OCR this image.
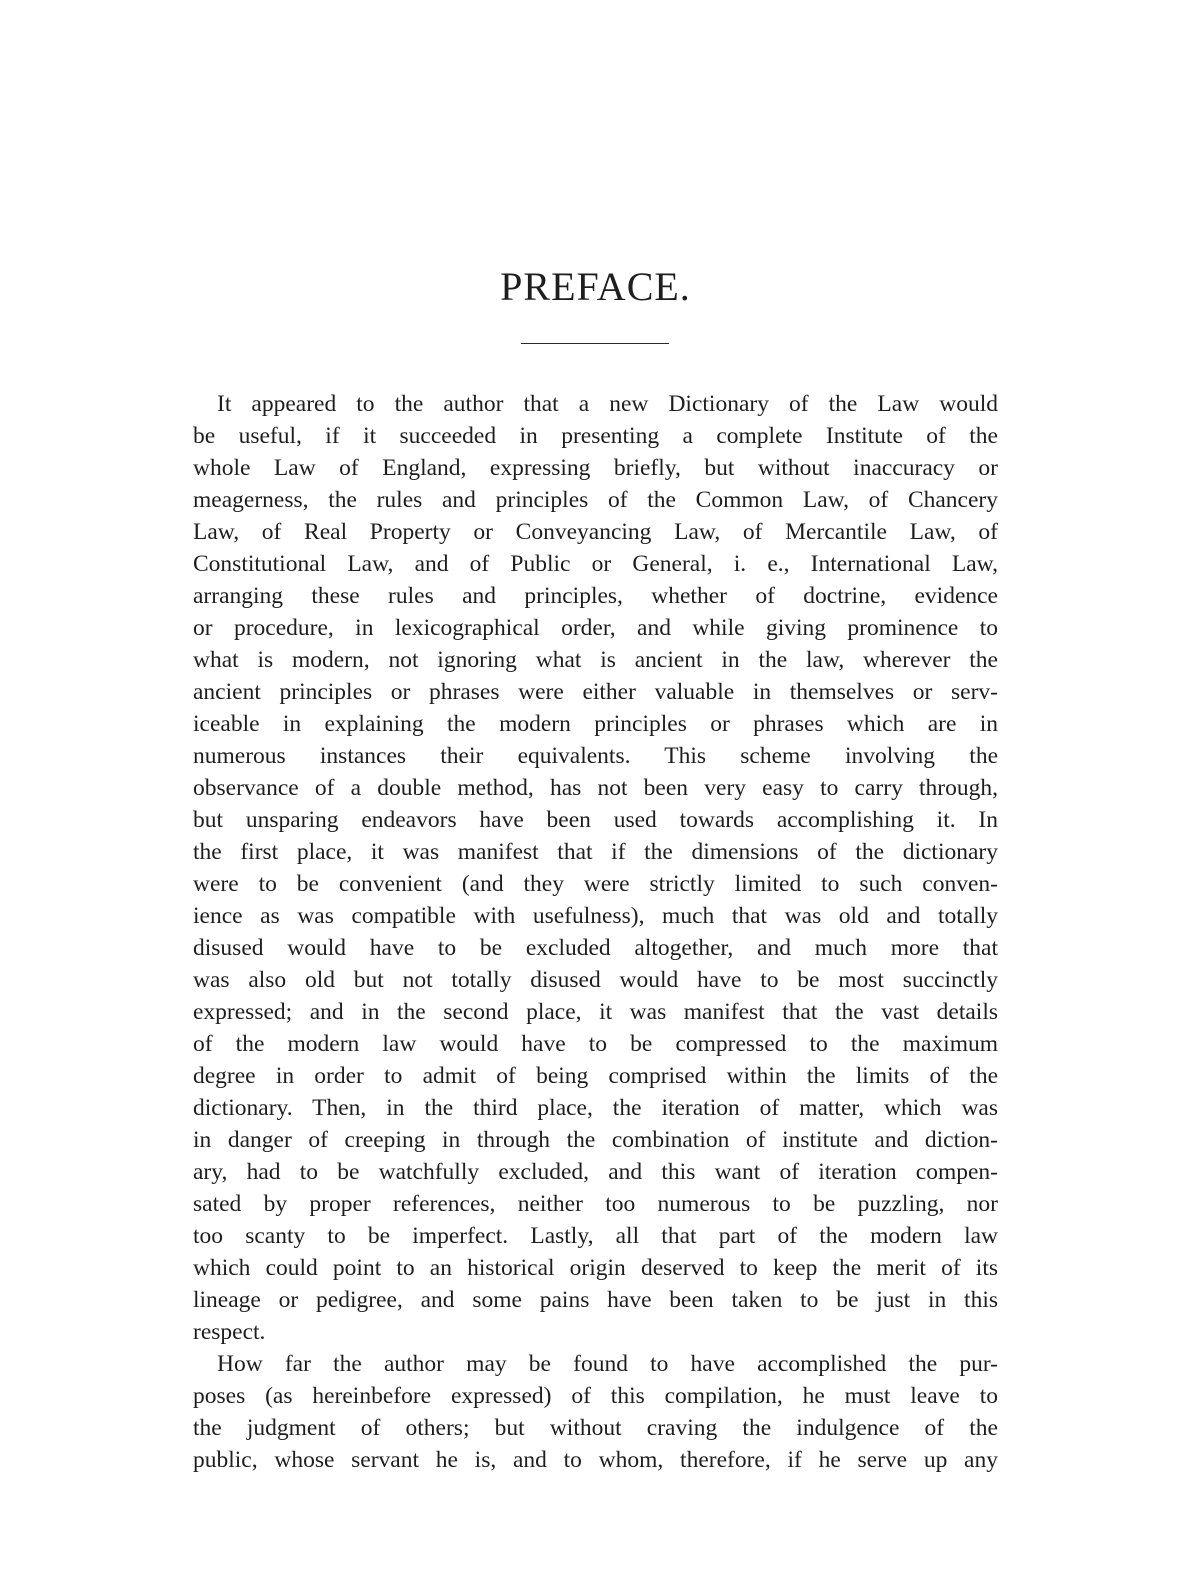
PREFACE.
It appeared to the author that a new Dictionary of the Law would
be useful, if it succeeded in presenting a complete Institute of the
whole Law of England, expressing briefly, but without inaccuracy or
meagerness, the rules and principles of the Common Law, of Chancery
Law, of Real Property or Conveyancing Law, of Mercantile Law, of
Constitutional Law, and of Public or General, i. e., International Law,
arranging these rules and principles, whether of doctrine, evidence
or procedure, in lexicographical order, and while giving prominence to
what is modern, not ignoring what is ancient in the law, wherever the
ancient principles or phrases were either valuable in themselves or serv-
iceable in explaining the modern principles or phrases which are in
numerous instances their equivalents. This scheme involving the
observance of a double method, has not been very easy to carry through,
but unsparing endeavors have been used towards accomplishing it. In
the first place, it was manifest that if the dimensions of the dictionary
were to be convenient (and they were strictly limited to such conven-
ience as was compatible with usefulness), much that was old and totally
disused would have to be excluded altogether, and much more that
was also old but not totally disused would have to be most succinctly
expressed; and in the second place, it was manifest that the vast details
of the modern law would have to be compressed to the maximum
degree in order to admit of being comprised within the limits of the
dictionary. Then, in the third place, the iteration of matter, which was
in danger of creeping in through the combination of institute and diction-
ary, had to be watchfully excluded, and this want of iteration compen-
sated by proper references, neither too numerous to be puzzling, nor
too scanty to be imperfect. Lastly, all that part of the modern law
which could point to an historical origin deserved to keep the merit of its
lineage or pedigree, and some pains have been taken to be just in this
respect.
How far the author may be found to have accomplished the pur-
poses (as hereinbefore expressed) of this compilation, he must leave to
the judgment of others; but without craving the indulgence of the
public, whose servant he is, and to whom, therefore, if he serve up any
